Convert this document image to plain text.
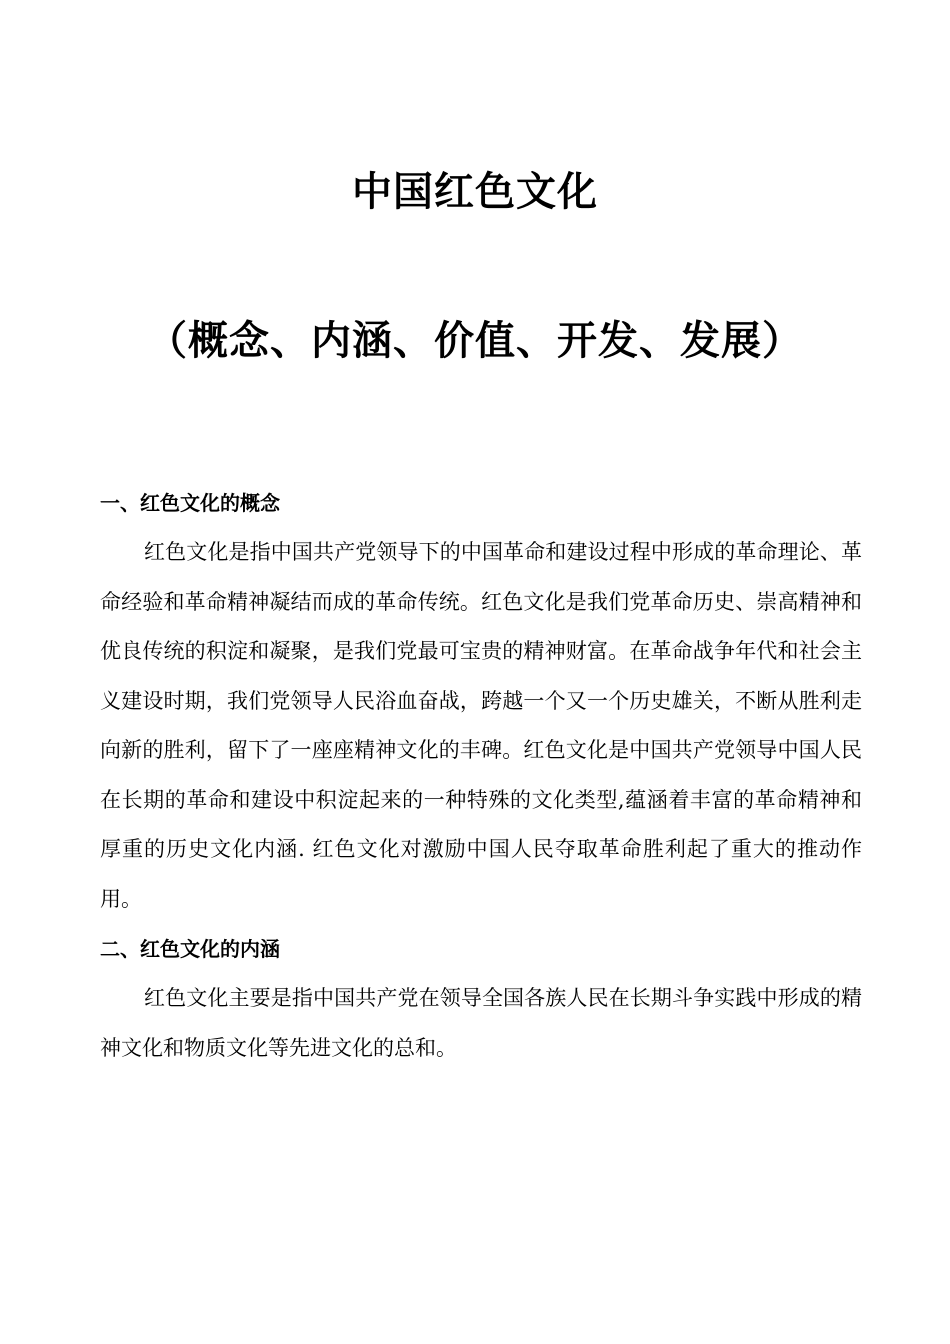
中国红色文化
（概念、内涵、价值、开发、发展）
一、红色文化的概念

红色文化是指中国共产党领导下的中国革命和建设过程中形成的革命理论、革命经验和革命精神凝结而成的革命传统。红色文化是我们党革命历史、崇高精神和优良传统的积淀和凝聚，是我们党最可宝贵的精神财富。在革命战争年代和社会主义建设时期，我们党领导人民浴血奋战，跨越一个又一个历史雄关，不断从胜利走向新的胜利，留下了一座座精神文化的丰碑。红色文化是中国共产党领导中国人民在长期的革命和建设中积淀起来的一种特殊的文化类型,蕴涵着丰富的革命精神和厚重的历史文化内涵. 红色文化对激励中国人民夺取革命胜利起了重大的推动作用。

二、红色文化的内涵

红色文化主要是指中国共产党在领导全国各族人民在长期斗争实践中形成的精神文化和物质文化等先进文化的总和。
